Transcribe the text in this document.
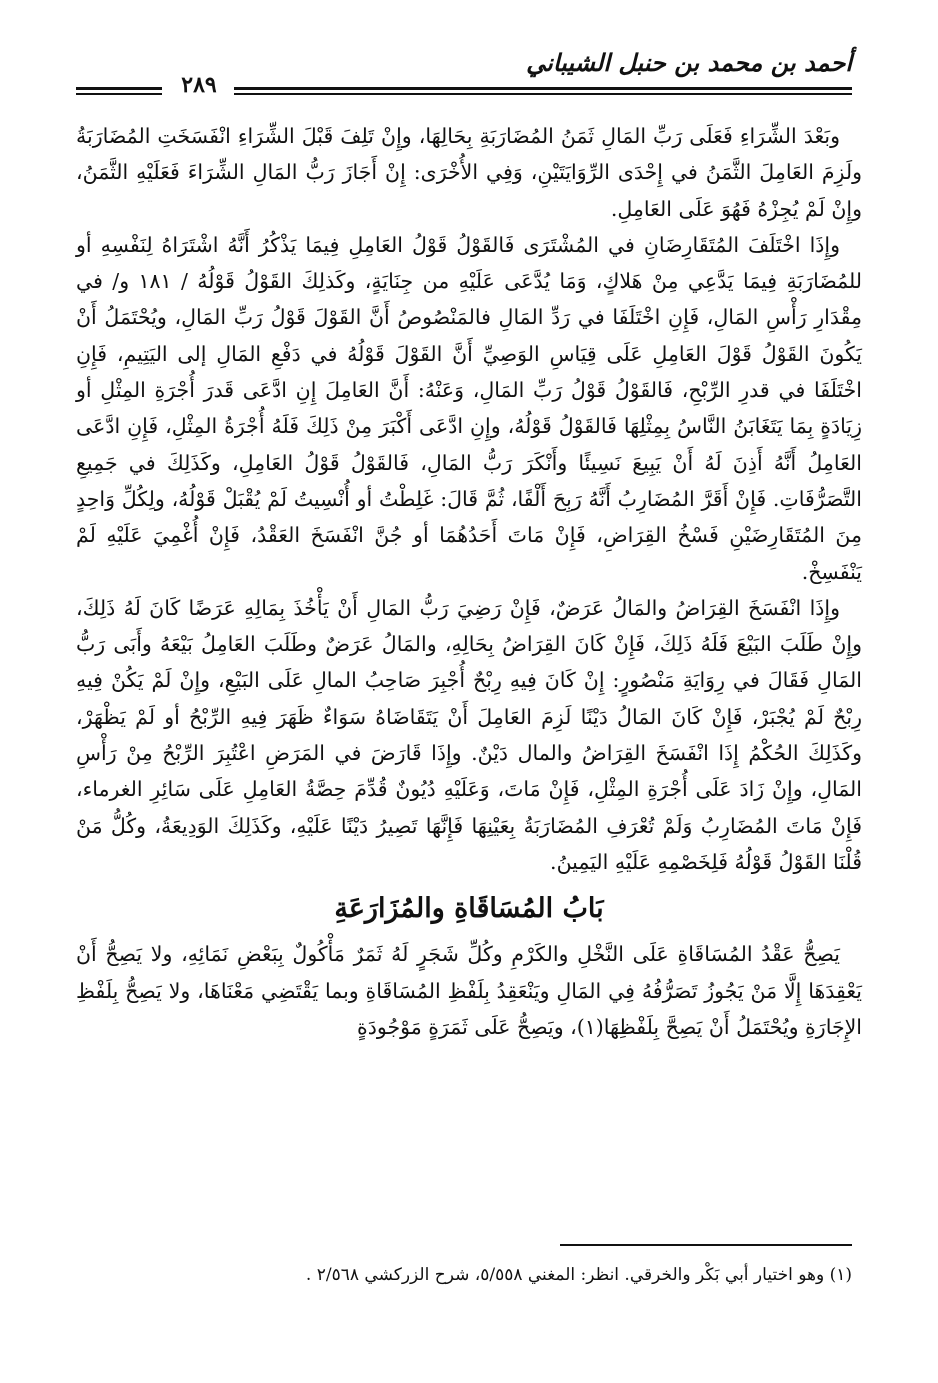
أحمد بن محمد بن حنبل الشيباني
٢٨٩

وبَعْدَ الشِّرَاءِ فَعَلَى رَبِّ المَالِ ثَمَنُ المُضَارَبَةِ بِحَالِهَا، وإِنْ تَلِفَ قَبْلَ الشِّرَاءِ انْفَسَخَتِ المُضَارَبَةُ ولَزِمَ العَامِلَ الثَّمَنُ في إِحْدَى الرِّوَايَتَيْنِ، وَفِي الأُخْرَى: إِنْ أَجَازَ رَبُّ المَالِ الشِّرَاءَ فَعَلَيْهِ الثَّمَنُ، وإِنْ لَمْ يُجِزْهُ فَهُوَ عَلَى العَامِلِ.

وإِذَا اخْتَلَفَ المُتَقَارِضَانِ في المُشْتَرَى فَالقَوْلُ قَوْلُ العَامِلِ فِيمَا يَذْكُرُ أَنَّهُ اشْتَرَاهُ لِنَفْسِهِ أو للمُضَارَبَةِ فِيمَا يَدَّعِي مِنْ هَلاكٍ، وَمَا يُدَّعَى عَلَيْهِ من جِنَايَةٍ، وكَذلِكَ القَوْلُ قَوْلُهُ / ١٨١ و/ في مِقْدَارِ رَأْسِ المَالِ، فَإِنِ اخْتَلَفَا في رَدِّ المَالِ فالمَنْصُوصُ أَنَّ القَوْلَ قَوْلُ رَبِّ المَالِ، ويُحْتَمَلُ أَنْ يَكُونَ القَوْلُ قَوْلَ العَامِلِ عَلَى قِيَاسِ الوَصِيِّ أَنَّ القَوْلَ قَوْلُهُ في دَفْعِ المَالِ إلى اليَتِيمِ، فَإِنِ اخْتَلَفَا في قدرِ الرِّبْحِ، فَالقَوْلُ قَوْلُ رَبِّ المَالِ، وَعَنْهُ: أَنَّ العَامِلَ إِنِ ادَّعَى قَدرَ أُجْرَةِ المِثْلِ أو زِيَادَةٍ بِمَا يَتَغَابَنُ النَّاسُ بِمِثْلِهَا فَالقَوْلُ قَوْلُهُ، وإِنِ ادَّعَى أَكْبَرَ مِنْ ذَلِكَ فَلَهُ أُجْرَةُ المِثْلِ، فَإِنِ ادَّعَى العَامِلُ أَنَّهُ أَذِنَ لَهُ أَنْ يَبِيعَ نَسِيئًا وأَنْكَرَ رَبُّ المَالِ، فَالقَوْلُ قَوْلُ العَامِلِ، وكَذَلِكَ في جَمِيعِ التَّصَرُّفَاتِ. فَإِنْ أَقَرَّ المُضَارِبُ أَنَّهُ رَبِحَ أَلْفًا، ثُمَّ قَالَ: غَلِطْتُ أو أُنْسِيتُ لَمْ يُقْبَلْ قَوْلُهُ، ولِكُلِّ وَاحِدٍ مِنَ المُتَقَارِضَيْنِ فَسْخُ القِرَاضِ، فَإِنْ مَاتَ أَحَدُهُمَا أو جُنَّ انْفَسَخَ العَقْدُ، فَإِنْ أُغْمِيَ عَلَيْهِ لَمْ يَنْفَسِخْ.

وإِذَا انْفَسَخَ القِرَاضُ والمَالُ عَرَضٌ، فَإِنْ رَضِيَ رَبُّ المَالِ أَنْ يَأْخُذَ بِمَالِهِ عَرَضًا كَانَ لَهُ ذَلِكَ، وإِنْ طَلَبَ البَيْعَ فَلَهُ ذَلِكَ، فَإِنْ كَانَ القِرَاضُ بِحَالِهِ، والمَالُ عَرَضٌ وطَلَبَ العَامِلُ بَيْعَهُ وأَبَى رَبُّ المَالِ فَقَالَ في رِوَايَةِ مَنْصُورٍ: إِنْ كَانَ فِيهِ رِبْحٌ أُجْبِرَ صَاحِبُ المالِ عَلَى البَيْعِ، وإِنْ لَمْ يَكُنْ فِيهِ رِبْحٌ لَمْ يُجْبَرْ، فَإِنْ كَانَ المَالُ دَيْنًا لَزِمَ العَامِلَ أَنْ يَتَقَاضَاهُ سَوَاءٌ ظَهَرَ فِيهِ الرِّبْحُ أو لَمْ يَظْهَرْ، وكَذَلِكَ الحُكْمُ إِذَا انْفَسَخَ القِرَاضُ والمال دَيْنٌ. وإِذَا قَارَضَ في المَرَضِ اعْتُبِرَ الرِّبْحُ مِنْ رَأْسِ المَالِ، وإِنْ زَادَ عَلَى أُجْرَةِ المِثْلِ، فَإِنْ مَاتَ، وَعَلَيْهِ دُيُونٌ قُدِّمَ حِصَّةُ العَامِلِ عَلَى سَائِرِ الغرماء، فَإِنْ مَاتَ المُضَارِبُ وَلَمْ تُعْرَفِ المُضَارَبَةُ بِعَيْنِهَا فَإِنَّهَا تَصِيرُ دَيْنًا عَلَيْهِ، وكَذَلِكَ الوَدِيعَةُ، وكُلُّ مَنْ قُلْنَا القَوْلُ قَوْلُهُ فَلِخَصْمِهِ عَلَيْهِ اليَمِينُ.

بَابُ المُسَاقَاةِ والمُزَارَعَةِ

يَصِحُّ عَقْدُ المُسَاقَاةِ عَلَى النَّخْلِ والكَرْمِ وكُلِّ شَجَرٍ لَهُ ثَمَرٌ مَأْكُولٌ بِبَعْضِ نَمَائِهِ، ولا يَصِحُّ أَنْ يَعْقِدَهَا إِلَّا مَنْ يَجُوزُ تَصَرُّفُهُ فِي المَالِ ويَنْعَقِدُ بِلَفْظِ المُسَاقَاةِ وبما يَقْتَضِي مَعْنَاهَا، ولا يَصِحُّ بِلَفْظِ الإِجَارَةِ ويُحْتَمَلُ أَنْ يَصِحَّ بِلَفْظِهَا(١)، ويَصِحُّ عَلَى ثَمَرَةٍ مَوْجُودَةٍ

(١) وهو اختيار أبي بَكْر والخرقي. انظر: المغني ٥/٥٥٨، شرح الزركشي ٢/٥٦٨ .
